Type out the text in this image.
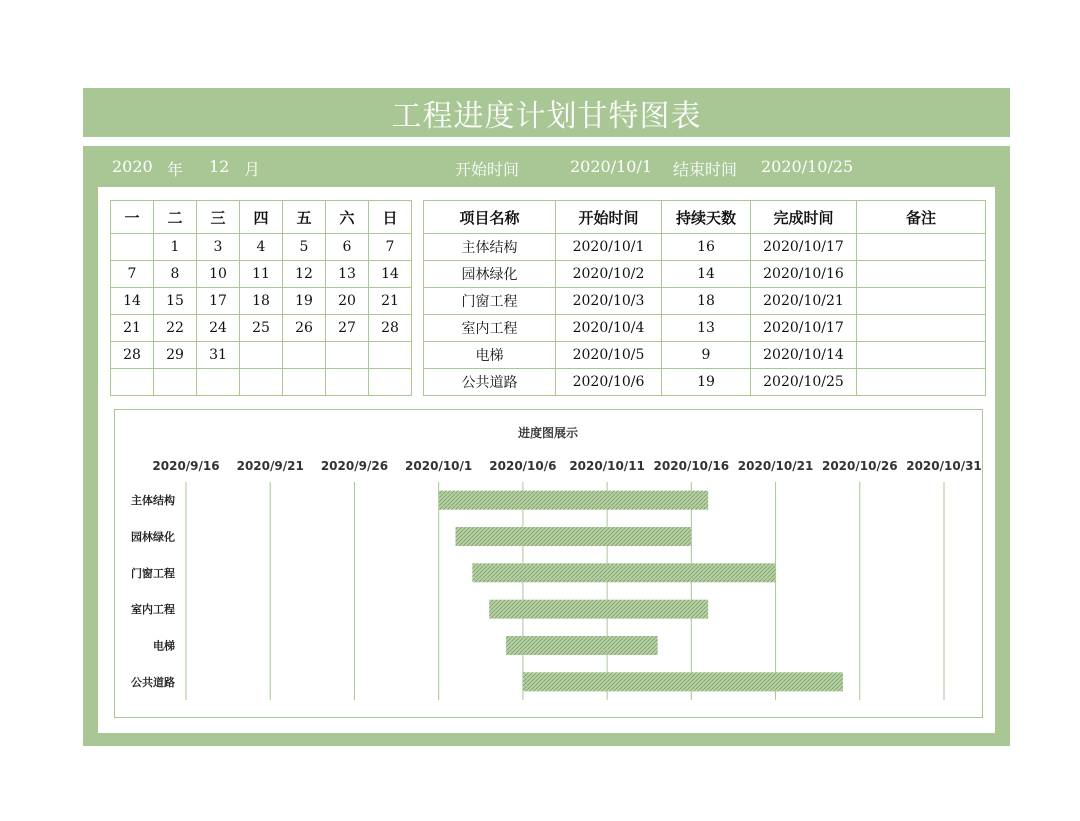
工程进度计划甘特图表
2020 年 12 月	开始时间	2020/10/1 结束时间 2020/10/25
一	二	三	四	五	六	日
	1	3	4	5	6	7
7	8	10	11	12	13	14
14	15	17	18	19	20	21
21	22	24	25	26	27	28
28	29	31				

项目名称	开始时间	持续天数	完成时间	备注
主体结构	2020/10/1	16	2020/10/17	
园林绿化	2020/10/2	14	2020/10/16	
门窗工程	2020/10/3	18	2020/10/21	
室内工程	2020/10/4	13	2020/10/17	
电梯	2020/10/5	9	2020/10/14	
公共道路	2020/10/6	19	2020/10/25	
进度图展示
2020/9/16 2020/9/21 2020/9/26 2020/10/1 2020/10/6 2020/10/11 2020/10/16 2020/10/21 2020/10/26 2020/10/31
主体结构
园林绿化
门窗工程
室内工程
电梯
公共道路
